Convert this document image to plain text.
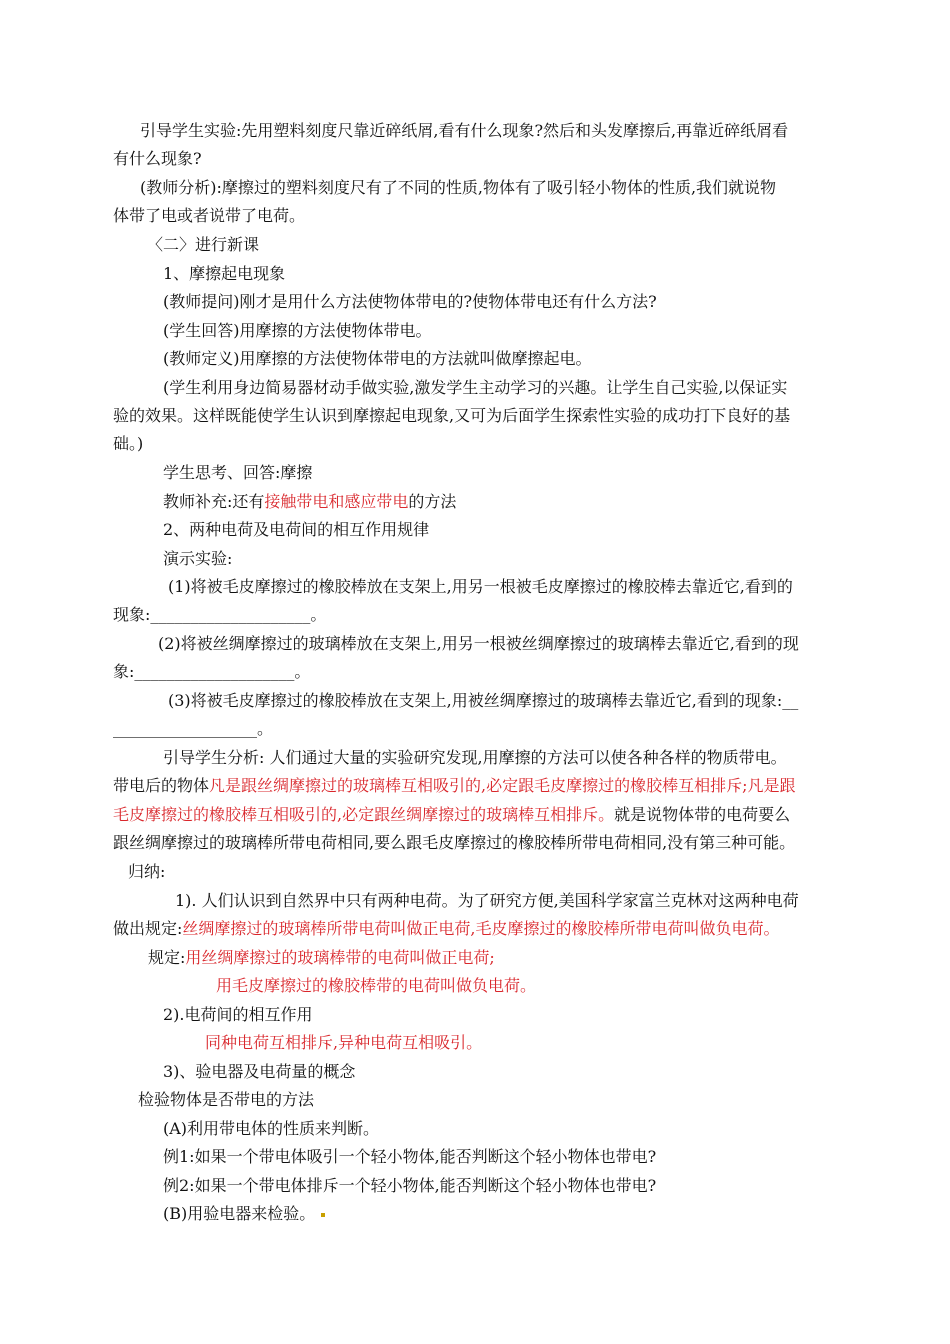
引导学生实验:先用塑料刻度尺靠近碎纸屑,看有什么现象?然后和头发摩擦后,再靠近碎纸屑看
有什么现象?
(教师分析):摩擦过的塑料刻度尺有了不同的性质,物体有了吸引轻小物体的性质,我们就说物
体带了电或者说带了电荷。
〈二〉进行新课
1、摩擦起电现象
(教师提问)刚才是用什么方法使物体带电的?使物体带电还有什么方法?
(学生回答)用摩擦的方法使物体带电。
(教师定义)用摩擦的方法使物体带电的方法就叫做摩擦起电。
(学生利用身边简易器材动手做实验,激发学生主动学习的兴趣。让学生自己实验,以保证实
验的效果。这样既能使学生认识到摩擦起电现象,又可为后面学生探索性实验的成功打下良好的基
础。)
学生思考、回答:摩擦
教师补充:还有接触带电和感应带电的方法
2、两种电荷及电荷间的相互作用规律
演示实验:
(1)将被毛皮摩擦过的橡胶棒放在支架上,用另一根被毛皮摩擦过的橡胶棒去靠近它,看到的
现象:____________________。
(2)将被丝绸摩擦过的玻璃棒放在支架上,用另一根被丝绸摩擦过的玻璃棒去靠近它,看到的现
象:____________________。
(3)将被毛皮摩擦过的橡胶棒放在支架上,用被丝绸摩擦过的玻璃棒去靠近它,看到的现象:__
__________________。
引导学生分析: 人们通过大量的实验研究发现,用摩擦的方法可以使各种各样的物质带电。
带电后的物体凡是跟丝绸摩擦过的玻璃棒互相吸引的,必定跟毛皮摩擦过的橡胶棒互相排斥;凡是跟
毛皮摩擦过的橡胶棒互相吸引的,必定跟丝绸摩擦过的玻璃棒互相排斥。就是说物体带的电荷要么
跟丝绸摩擦过的玻璃棒所带电荷相同,要么跟毛皮摩擦过的橡胶棒所带电荷相同,没有第三种可能。
归纳:
1). 人们认识到自然界中只有两种电荷。为了研究方便,美国科学家富兰克林对这两种电荷
做出规定:丝绸摩擦过的玻璃棒所带电荷叫做正电荷,毛皮摩擦过的橡胶棒所带电荷叫做负电荷。
规定:用丝绸摩擦过的玻璃棒带的电荷叫做正电荷;
用毛皮摩擦过的橡胶棒带的电荷叫做负电荷。
2).电荷间的相互作用
同种电荷互相排斥,异种电荷互相吸引。
3)、验电器及电荷量的概念
检验物体是否带电的方法
(A)利用带电体的性质来判断。
例1:如果一个带电体吸引一个轻小物体,能否判断这个轻小物体也带电?
例2:如果一个带电体排斥一个轻小物体,能否判断这个轻小物体也带电?
(B)用验电器来检验。
